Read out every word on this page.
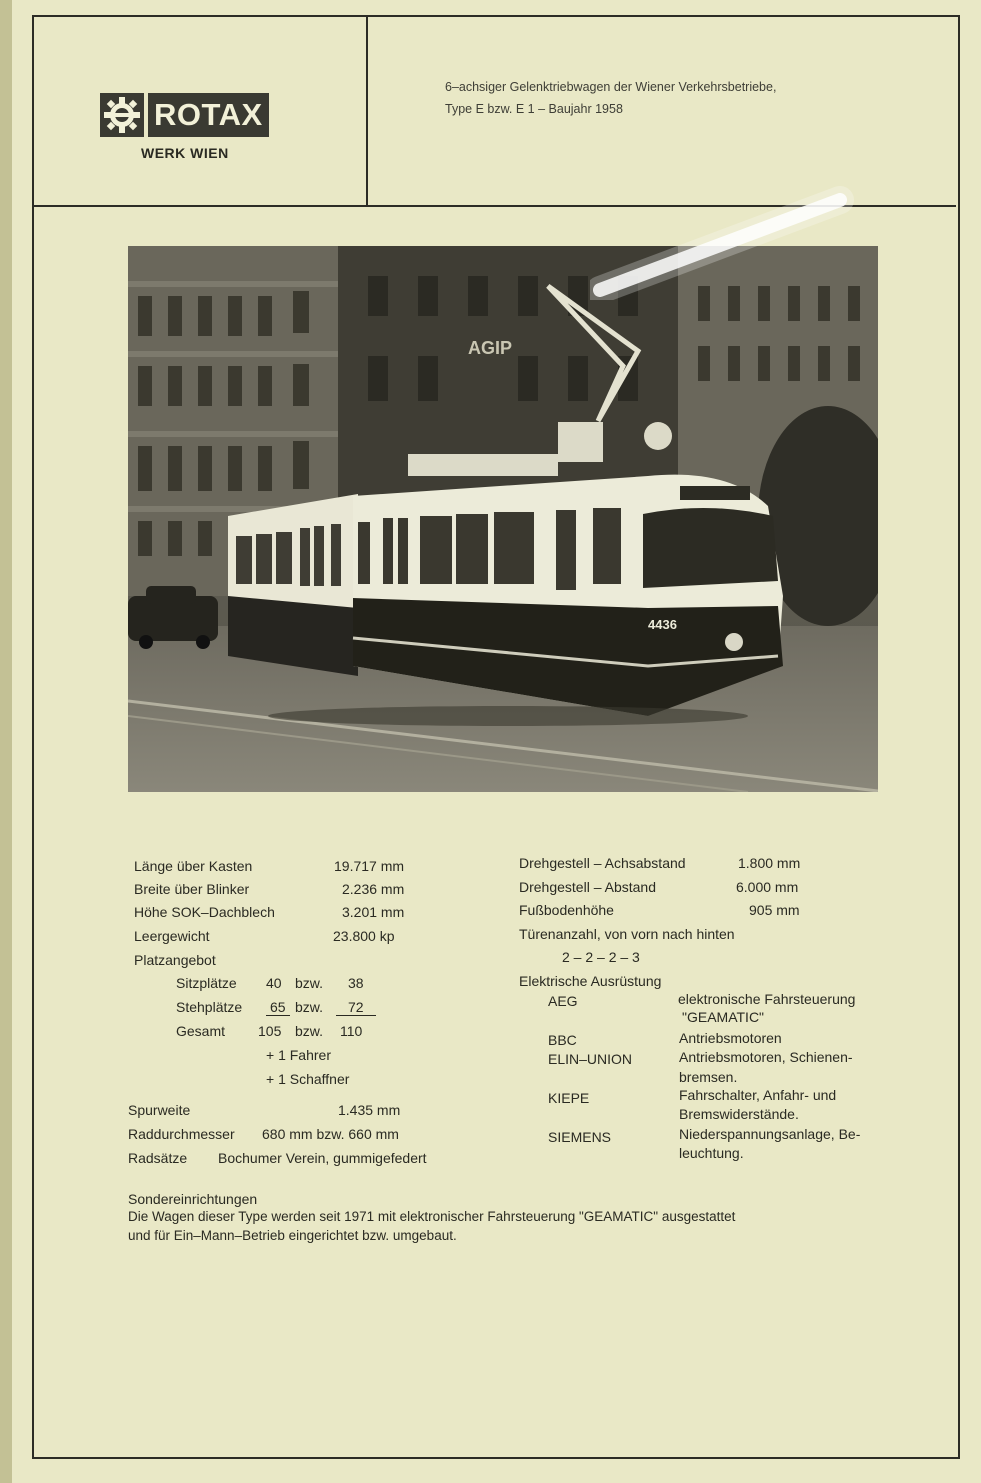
ROTAX
WERK WIEN
6–achsiger Gelenktriebwagen der Wiener Verkehrsbetriebe,
Type E bzw. E 1 – Baujahr 1958
AGIP
4436
Länge über Kasten	19.717 mm
Breite über Blinker	2.236 mm
Höhe SOK–Dachblech	3.201 mm
Leergewicht	23.800 kp
Platzangebot
Sitzplätze 40 bzw. 38
Stehplätze 65 bzw.	72
Gesamt 105 bzw. 110
+ 1 Fahrer
+ 1 Schaffner
Spurweite	1.435 mm
Raddurchmesser 680 mm bzw. 660 mm
Radsätze Bochumer Verein, gummigefedert
Drehgestell – Achsabstand	1.800 mm
Drehgestell – Abstand	6.000 mm
Fußbodenhöhe	905 mm
Türenanzahl, von vorn nach hinten
2 – 2 – 2 – 3
Elektrische Ausrüstung
AEG	elektronische Fahrsteuerung
"GEAMATIC"
BBC	Antriebsmotoren
ELIN–UNION	Antriebsmotoren, Schienen-
bremsen.
KIEPE	Fahrschalter, Anfahr- und
Bremswiderstände.
SIEMENS	Niederspannungsanlage, Be-
leuchtung.
Sondereinrichtungen
Die Wagen dieser Type werden seit 1971 mit elektronischer Fahrsteuerung "GEAMATIC" ausgestattet
und für Ein–Mann–Betrieb eingerichtet bzw. umgebaut.
